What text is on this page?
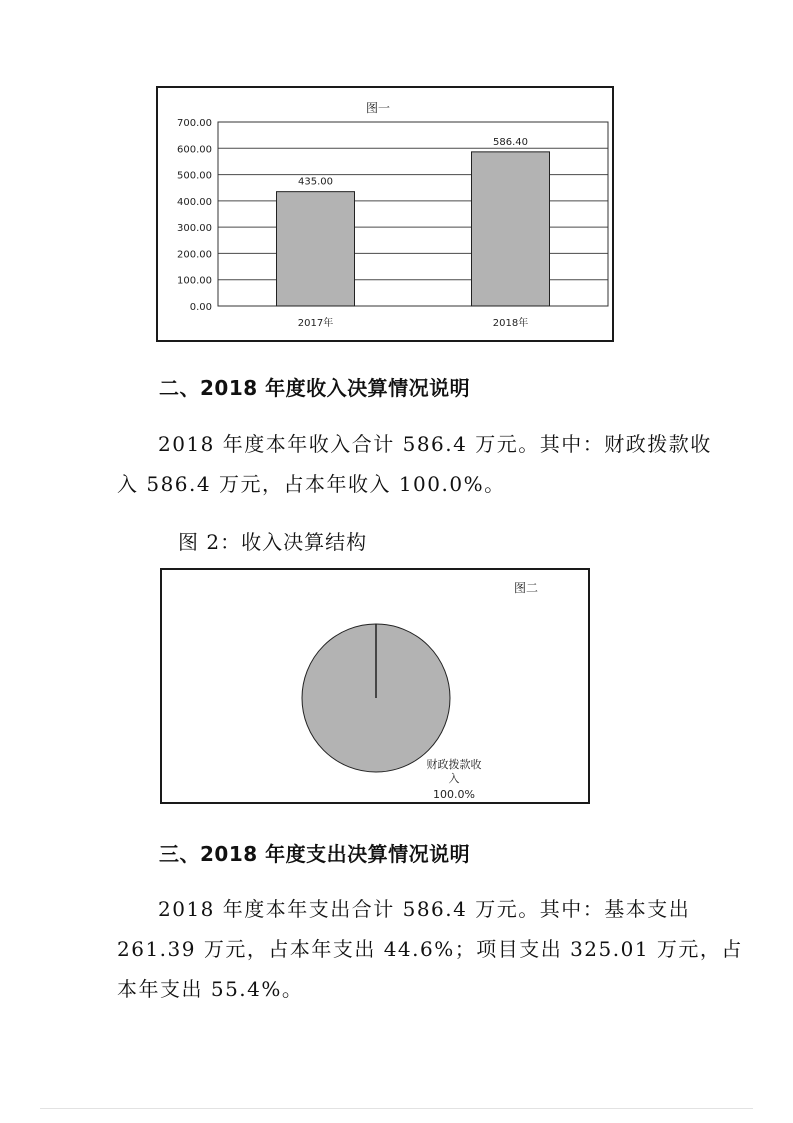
图一
0.00
100.00
200.00
300.00
400.00
500.00
600.00
700.00
435.00
586.40
2017年	2018年
二、2018 年度收入决算情况说明

2018 年度本年收入合计 586.4 万元。其中：财政拨款收

入 586.4 万元，占本年收入 100.0%。

图 2：收入决算结构

图二
财政拨款收
入
100.0%
三、2018 年度支出决算情况说明

2018 年度本年支出合计 586.4 万元。其中：基本支出

261.39 万元，占本年支出 44.6%；项目支出 325.01 万元，占

本年支出 55.4%。
